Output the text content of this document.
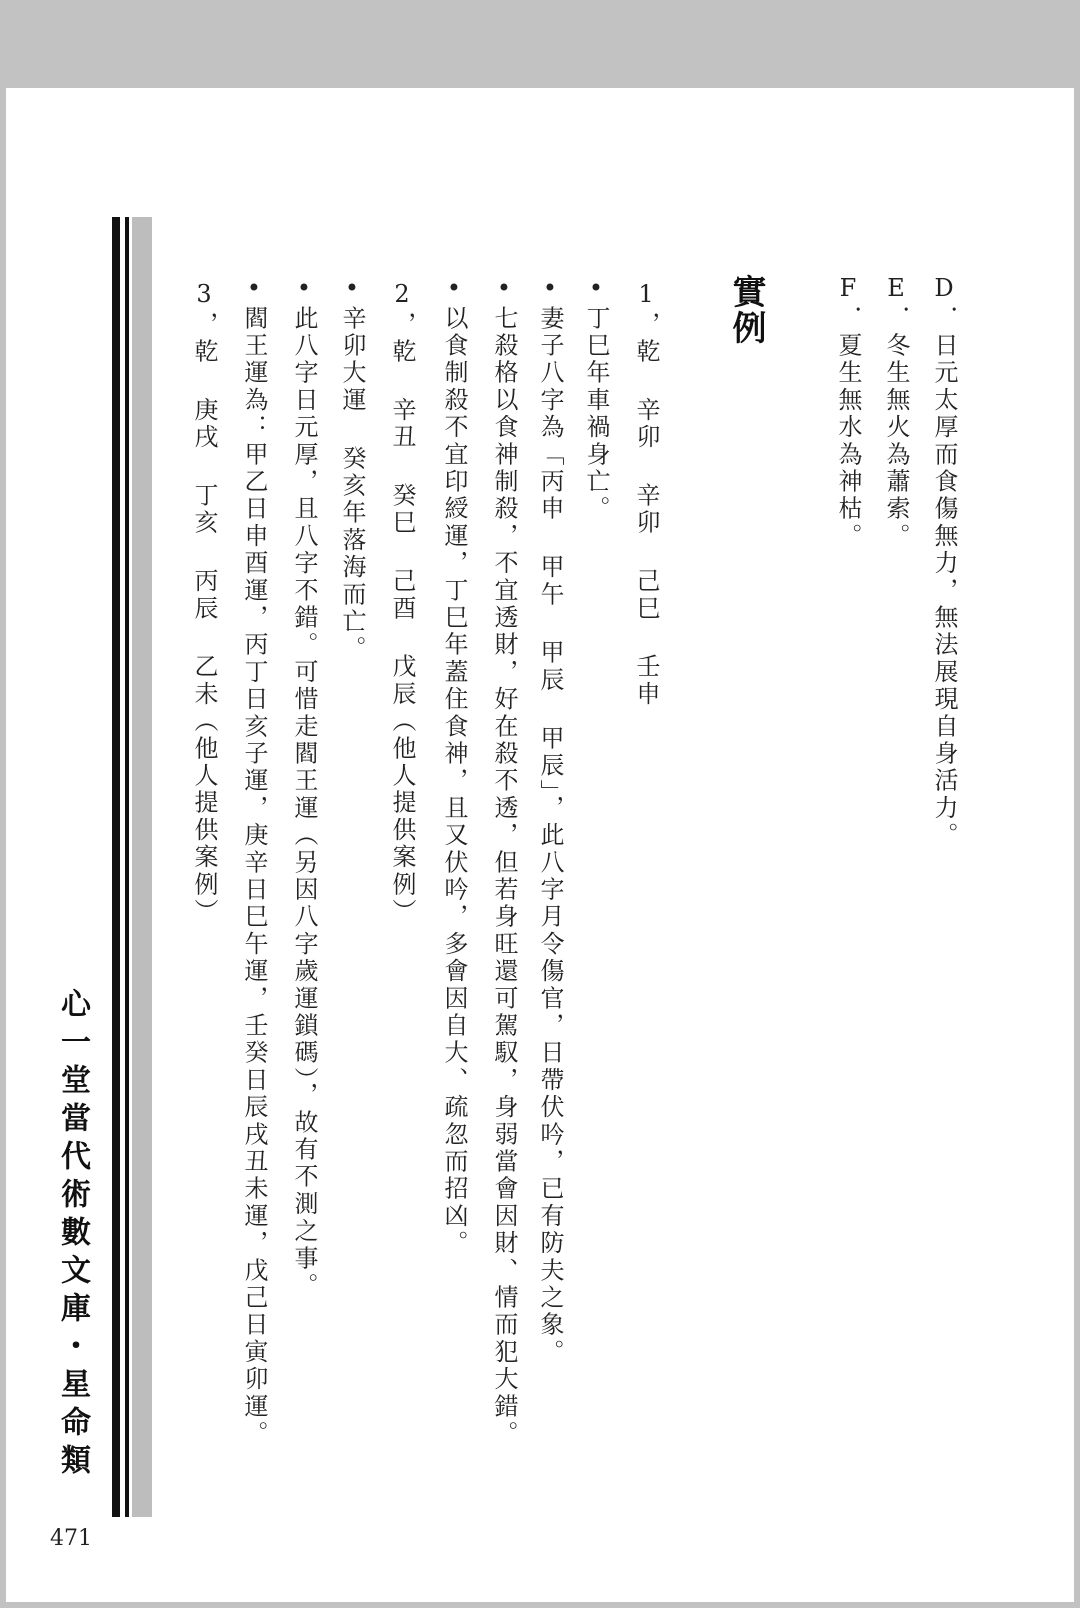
D．日元太厚而食傷無力，無法展現自身活力。
E．冬生無火為蕭索。
F．夏生無水為神枯。
實例
1，乾 辛卯 辛卯 己巳 壬申
•丁巳年車禍身亡。
•妻子八字為「丙申 甲午 甲辰 甲辰」，此八字月令傷官，日帶伏吟，已有防夫之象。
•七殺格以食神制殺，不宜透財，好在殺不透，但若身旺還可駕馭，身弱當會因財、情而犯大錯。
•以食制殺不宜印綬運，丁巳年蓋住食神，且又伏吟，多會因自大、疏忽而招凶。
2，乾 辛丑 癸巳 己酉 戊辰（他人提供案例）
•辛卯大運 癸亥年落海而亡。
•此八字日元厚，且八字不錯。可惜走閻王運（另因八字歲運鎖碼），故有不測之事。
•閻王運為：甲乙日申酉運，丙丁日亥子運，庚辛日巳午運，壬癸日辰戌丑未運，戊己日寅卯運。
3，乾 庚戌 丁亥 丙辰 乙未（他人提供案例）
心一堂當代術數文庫・星命類
471
